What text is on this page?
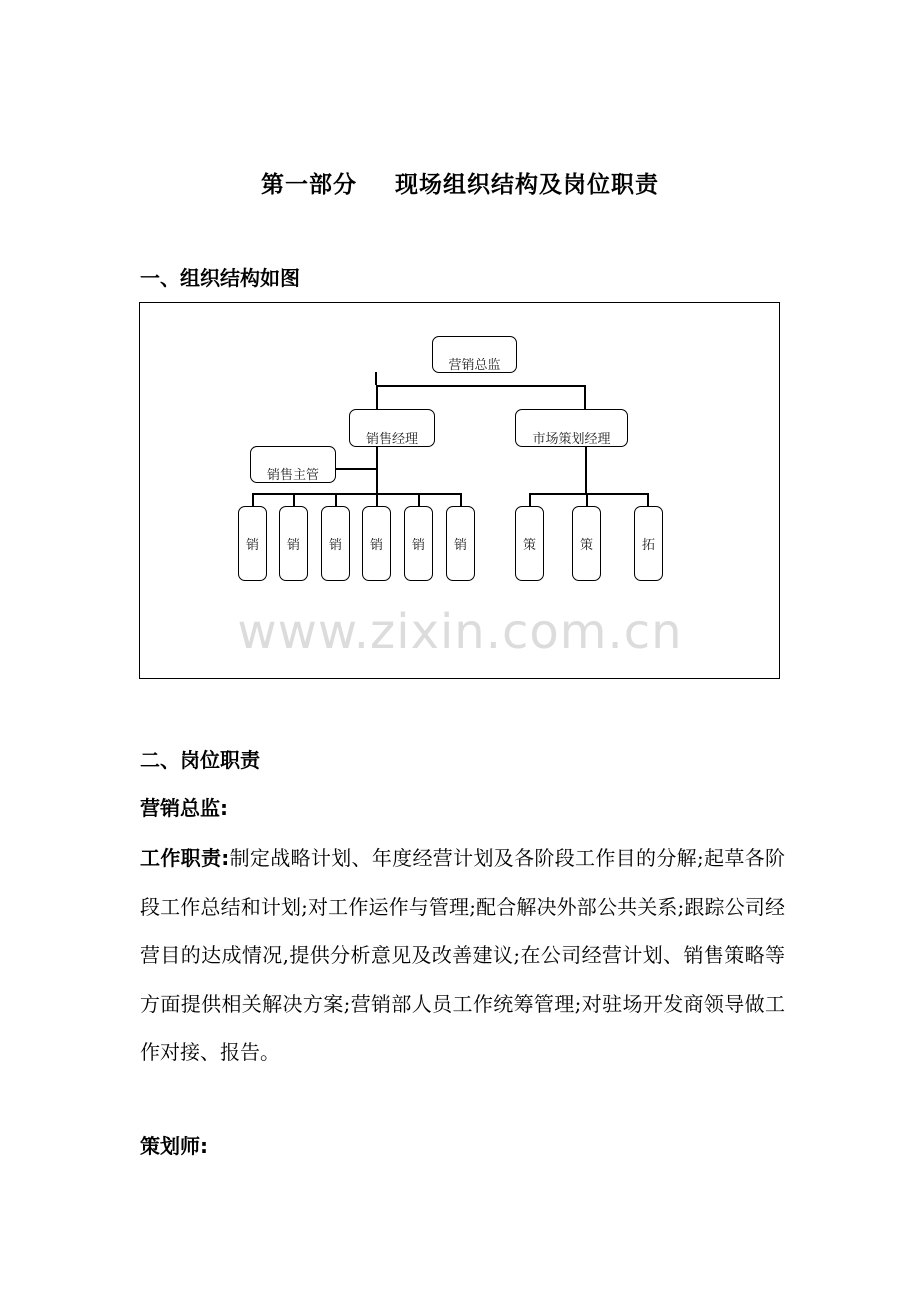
第一部分 现场组织结构及岗位职责
一、组织结构如图
营销总监
销售经理	市场策划经理
销售主管
销 销 销 销 销 销	策	策	拓
www.zixin.com.cn
二、岗位职责
营销总监:
工作职责:制定战略计划、年度经营计划及各阶段工作目的分解;起草各阶段工作总结和计划;对工作运作与管理;配合解决外部公共关系;跟踪公司经营目的达成情况,提供分析意见及改善建议;在公司经营计划、销售策略等方面提供相关解决方案;营销部人员工作统筹管理;对驻场开发商领导做工作对接、报告。
策划师:
